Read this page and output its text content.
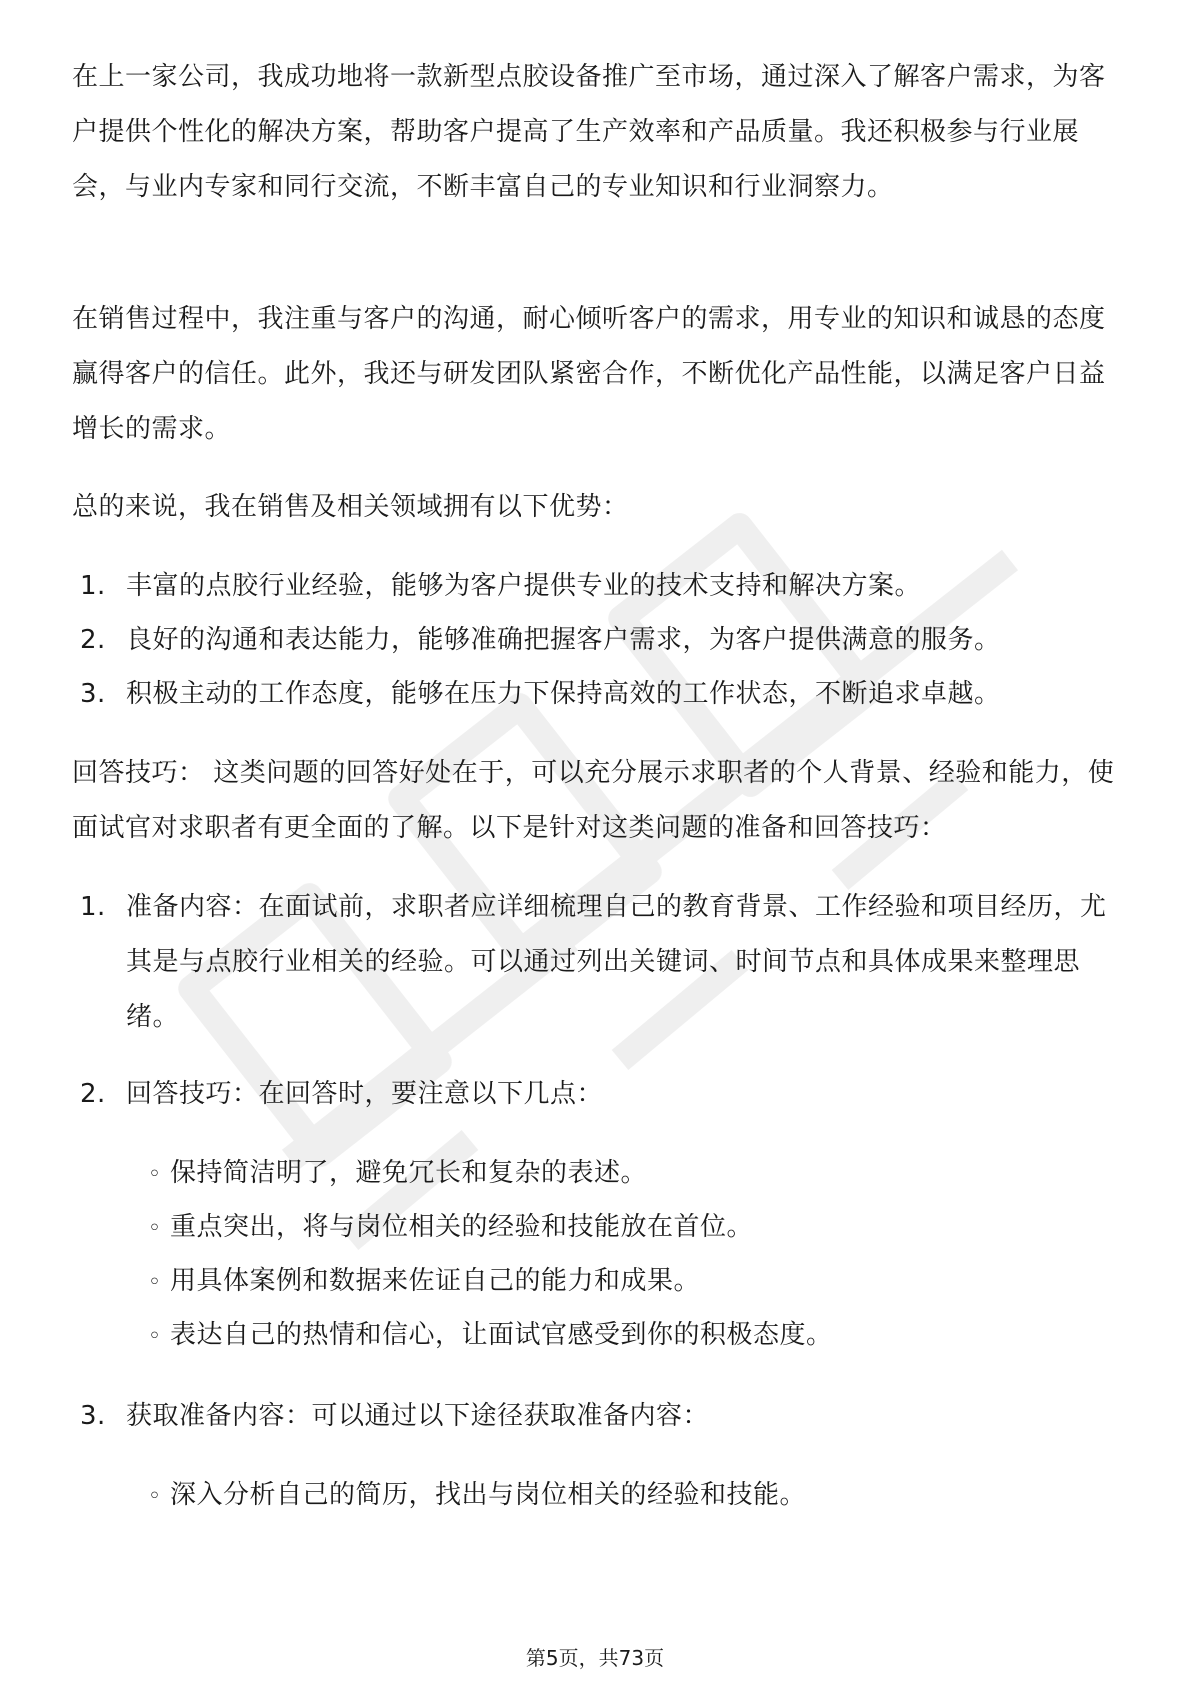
在上一家公司，我成功地将一款新型点胶设备推广至市场，通过深入了解客户需求，为客户提供个性化的解决方案，帮助客户提高了生产效率和产品质量。我还积极参与行业展会，与业内专家和同行交流，不断丰富自己的专业知识和行业洞察力。

在销售过程中，我注重与客户的沟通，耐心倾听客户的需求，用专业的知识和诚恳的态度赢得客户的信任。此外，我还与研发团队紧密合作，不断优化产品性能，以满足客户日益增长的需求。

总的来说，我在销售及相关领域拥有以下优势：

1. 丰富的点胶行业经验，能够为客户提供专业的技术支持和解决方案。
2. 良好的沟通和表达能力，能够准确把握客户需求，为客户提供满意的服务。
3. 积极主动的工作态度，能够在压力下保持高效的工作状态，不断追求卓越。

回答技巧： 这类问题的回答好处在于，可以充分展示求职者的个人背景、经验和能力，使面试官对求职者有更全面的了解。以下是针对这类问题的准备和回答技巧：

1. 准备内容：在面试前，求职者应详细梳理自己的教育背景、工作经验和项目经历，尤其是与点胶行业相关的经验。可以通过列出关键词、时间节点和具体成果来整理思绪。
2. 回答技巧：在回答时，要注意以下几点：
◦ 保持简洁明了，避免冗长和复杂的表述。
◦ 重点突出，将与岗位相关的经验和技能放在首位。
◦ 用具体案例和数据来佐证自己的能力和成果。
◦ 表达自己的热情和信心，让面试官感受到你的积极态度。
3. 获取准备内容：可以通过以下途径获取准备内容：
◦ 深入分析自己的简历，找出与岗位相关的经验和技能。
第5页，共73页
